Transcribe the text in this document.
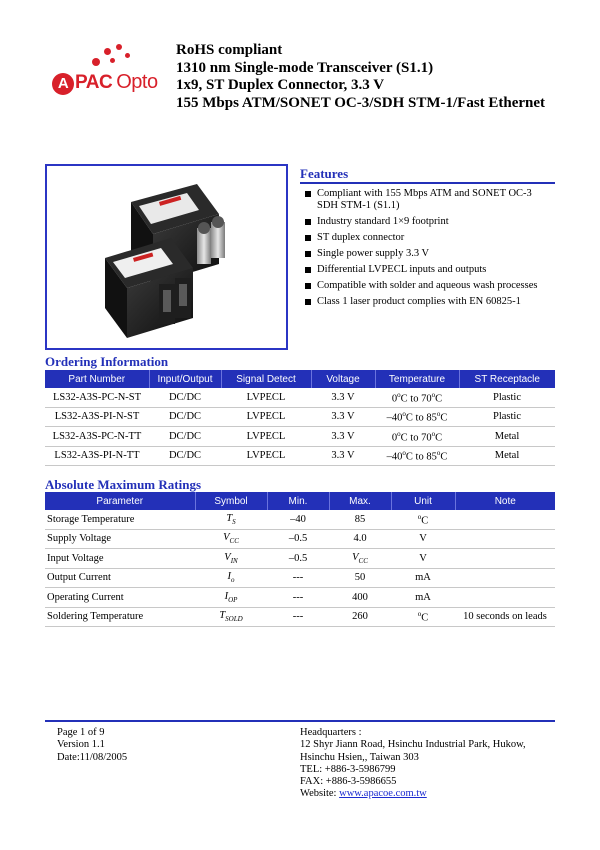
A PAC Opto
RoHS compliant
1310 nm Single-mode Transceiver (S1.1)
1x9, ST Duplex Connector, 3.3 V
155 Mbps ATM/SONET OC-3/SDH STM-1/Fast Ethernet
Features
Compliant with 155 Mbps ATM and SONET OC-3 SDH STM-1 (S1.1)
Industry standard 1×9 footprint
ST duplex connector
Single power supply 3.3 V
Differential LVPECL inputs and outputs
Compatible with solder and aqueous wash processes
Class 1 laser product complies with EN 60825-1
Ordering Information
Part Number	Input/Output	Signal Detect	Voltage	Temperature	ST Receptacle
LS32-A3S-PC-N-ST	DC/DC	LVPECL	3.3 V	0$^o$C to 70$^o$C	Plastic
LS32-A3S-PI-N-ST	DC/DC	LVPECL	3.3 V	–40$^o$C to 85$^o$C	Plastic
LS32-A3S-PC-N-TT	DC/DC	LVPECL	3.3 V	0$^o$C to 70$^o$C	Metal
LS32-A3S-PI-N-TT	DC/DC	LVPECL	3.3 V	–40$^o$C to 85$^o$C	Metal
Absolute Maximum Ratings
Parameter	Symbol	Min.	Max.	Unit	Note
Storage Temperature	$T_S$	–40	85	$^o$C	
Supply Voltage	$V_{CC}$	–0.5	4.0	V	
Input Voltage	$V_{IN}$	–0.5	$V_{CC}$	V	
Output Current	$I_o$	---	50	mA	
Operating Current	$I_{OP}$	---	400	mA	
Soldering Temperature	$T_{SOLD}$	---	260	$^o$C	10 seconds on leads
Page 1 of 9
Version 1.1
Date:11/08/2005
Headquarters :
12 Shyr Jiann Road, Hsinchu Industrial Park, Hukow,
Hsinchu Hsien,, Taiwan 303
TEL: +886-3-5986799
FAX: +886-3-5986655
Website: www.apacoe.com.tw
